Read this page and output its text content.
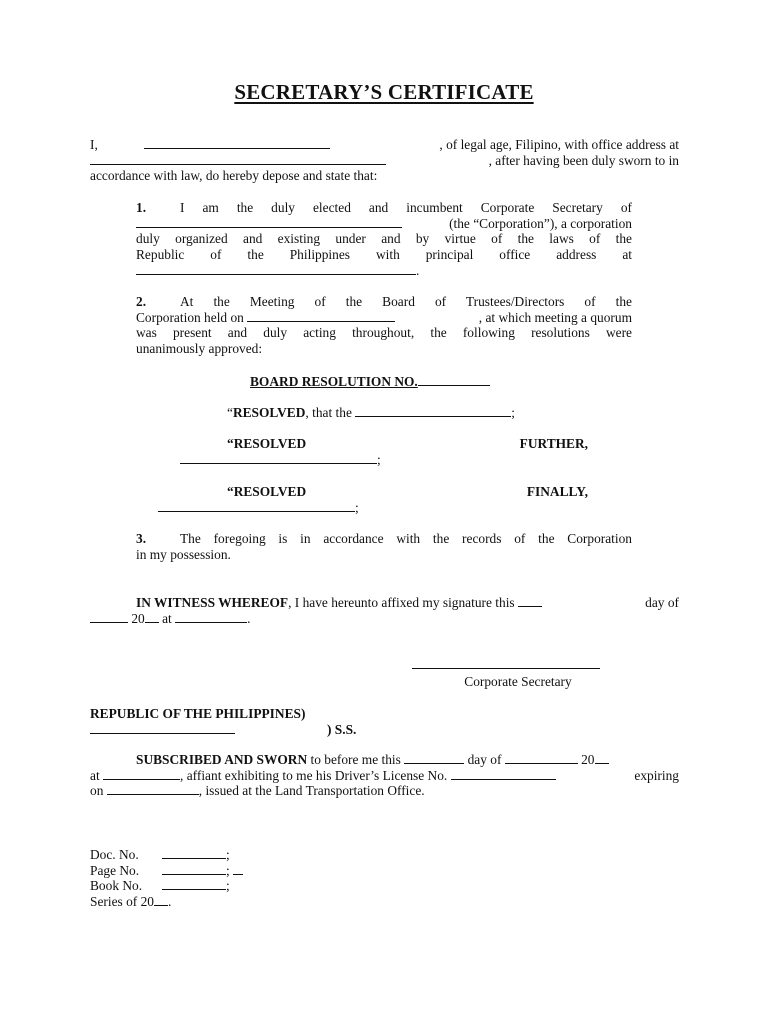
SECRETARY’S CERTIFICATE
I,	, of legal age, Filipino, with office address at
, after having been duly sworn to in
accordance with law, do hereby depose and state that:
1.	I am the duly elected and incumbent Corporate Secretary of
(the “Corporation”), a corporation
duly organized and existing under and by virtue of the laws of the
Republic of the Philippines with principal office address at
.
2.	At the Meeting of the Board of Trustees/Directors of the
Corporation held on	, at which meeting a quorum
was present and duly acting throughout, the following resolutions were
unanimously approved:
BOARD RESOLUTION NO.
“RESOLVED, that the	;
“RESOLVED	FURTHER,
;
“RESOLVED	FINALLY,
;
3.	The foregoing is in accordance with the records of the Corporation
in my possession.
IN WITNESS WHEREOF, I have hereunto affixed my signature this	day of
20 at	.
Corporate Secretary
REPUBLIC OF THE PHILIPPINES)
) S.S.
SUBSCRIBED AND SWORN to before me this	day of	20
at	, affiant exhibiting to me his Driver’s License No.	expiring
on	, issued at the Land Transportation Office.
Doc. No.	;
Page No.	;
Book No.	;
Series of 20 .
